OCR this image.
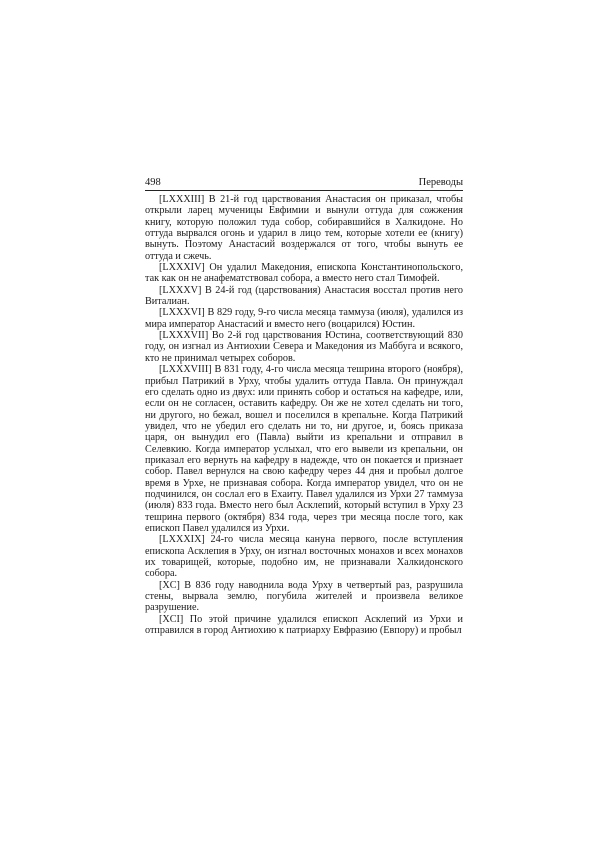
498	Переводы

[LXXXIII] В 21-й год царствования Анастасия он приказал, чтобы открыли ларец мученицы Евфимии и вынули оттуда для сожжения книгу, которую положил туда собор, собиравшийся в Халкидоне. Но оттуда вырвался огонь и ударил в лицо тем, которые хотели ее (книгу) вынуть. Поэтому Анастасий воздержался от того, чтобы вынуть ее оттуда и сжечь.

[LXXXIV] Он удалил Македония, епископа Константинопольского, так как он не анафематствовал собора, а вместо него стал Тимофей.

[LXXXV] В 24-й год (царствования) Анастасия восстал против него Виталиан.

[LXXXVI] В 829 году, 9-го числа месяца таммуза (июля), удалился из мира император Анастасий и вместо него (воцарился) Юстин.

[LXXXVII] Во 2-й год царствования Юстина, соответствующий 830 году, он изгнал из Антиохии Севера и Македония из Маббуга и всякого, кто не принимал четырех соборов.

[LXXXVIII] В 831 году, 4-го числа месяца тешрина второго (ноября), прибыл Патрикий в Урху, чтобы удалить оттуда Павла. Он принуждал его сделать одно из двух: или принять собор и остаться на кафедре, или, если он не согласен, оставить кафедру. Он же не хотел сделать ни того, ни другого, но бежал, вошел и поселился в крепальне. Когда Патрикий увидел, что не убедил его сделать ни то, ни другое, и, боясь приказа царя, он вынудил его (Павла) выйти из крепальни и отправил в Селевкию. Когда император услыхал, что его вывели из крепальни, он приказал его вернуть на кафедру в надежде, что он покается и признает собор. Павел вернулся на свою кафедру через 44 дня и пробыл долгое время в Урхе, не признавая собора. Когда император увидел, что он не подчинился, он сослал его в Ехаиту. Павел удалился из Урхи 27 таммуза (июля) 833 года. Вместо него был Асклепий, который вступил в Урху 23 тешрина первого (октября) 834 года, через три месяца после того, как епископ Павел удалился из Урхи.

[LXXXIX] 24-го числа месяца кануна первого, после вступления епископа Асклепия в Урху, он изгнал восточных монахов и всех монахов их товарищей, которые, подобно им, не признавали Халкидонского собора.

[XC] В 836 году наводнила вода Урху в четвертый раз, разрушила стены, вырвала землю, погубила жителей и произвела великое разрушение.

[XCI] По этой причине удалился епископ Асклепий из Урхи и отправился в город Антиохию к патриарху Евфразию (Евпору) и пробыл
